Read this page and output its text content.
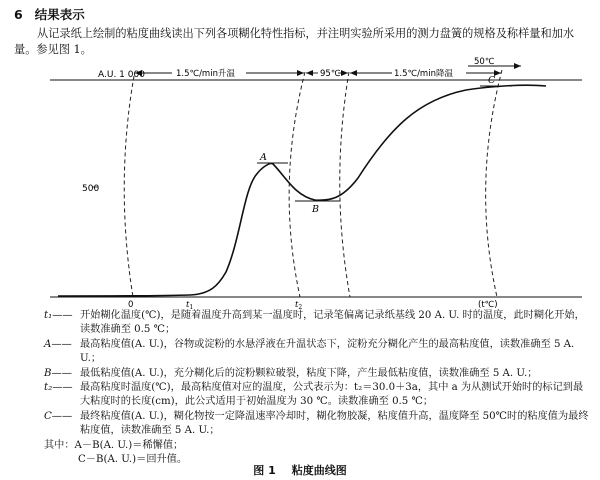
6 结果表示

从记录纸上绘制的粘度曲线读出下列各项糊化特性指标，并注明实验所采用的测力盘簧的规格及称样量和加水量。参见图 1。

A.U. 1 000	1.5℃/min升温	95℃	1.5℃/min降温
50℃
500
A
B
C
0	$t_1$	$t_2$	(t℃)
t₁ ——	开始糊化温度(℃)，是随着温度升高到某一温度时，记录笔偏离记录纸基线 20 A. U. 时的温度，此时糊化开始，读数准确至 0.5 ℃；
A ——	最高粘度值(A. U.)，谷物或淀粉的水悬浮液在升温状态下，淀粉充分糊化产生的最高粘度值，读数准确至 5 A. U.；
B ——	最低粘度值(A. U.)，充分糊化后的淀粉颗粒破裂，粘度下降，产生最低粘度值，读数准确至 5 A. U.；
t₂ ——	最高粘度时温度(℃)，最高粘度值对应的温度，公式表示为：t₂＝30.0＋3a，其中 a 为从测试开始时的标记到最大粘度时的长度(cm)，此公式适用于初始温度为 30 ℃。读数准确至 0.5 ℃；
C ——	最终粘度值(A. U.)，糊化物按一定降温速率冷却时，糊化物胶凝，粘度值升高，温度降至 50℃时的粘度值为最终粘度值，读数准确至 5 A. U.；

其中：A－B(A. U.)＝稀懈值；

C－B(A. U.)＝回升值。

图 1 粘度曲线图
